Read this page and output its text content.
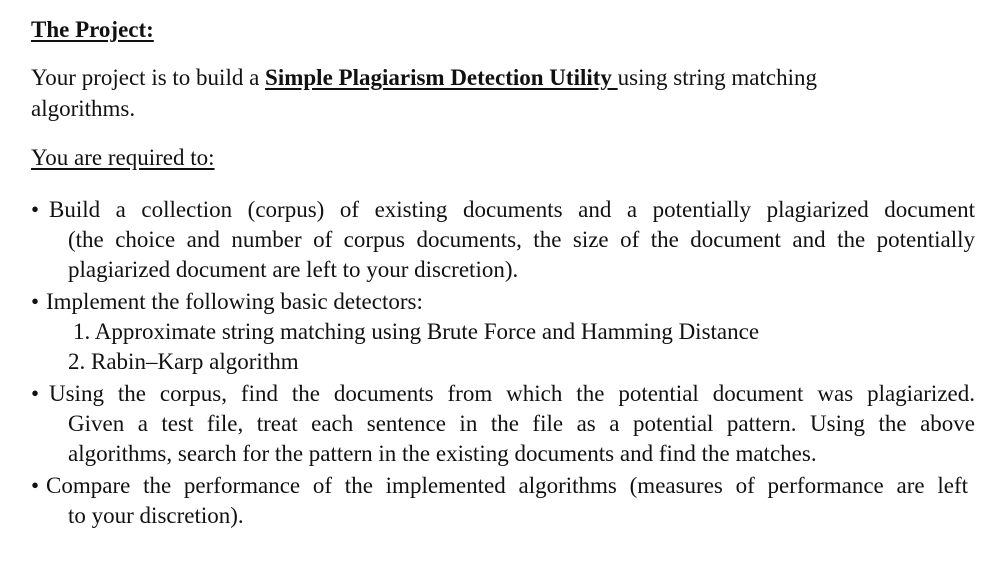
The Project:
Your project is to build a Simple Plagiarism Detection Utility using string matching
algorithms.
You are required to:
• Build a collection (corpus) of existing documents and a potentially plagiarized document
(the choice and number of corpus documents, the size of the document and the potentially
plagiarized document are left to your discretion).
• Implement the following basic detectors:
1. Approximate string matching using Brute Force and Hamming Distance
2. Rabin–Karp algorithm
• Using the corpus, find the documents from which the potential document was plagiarized.
Given a test file, treat each sentence in the file as a potential pattern. Using the above
algorithms, search for the pattern in the existing documents and find the matches.
• Compare the performance of the implemented algorithms (measures of performance are left
to your discretion).
